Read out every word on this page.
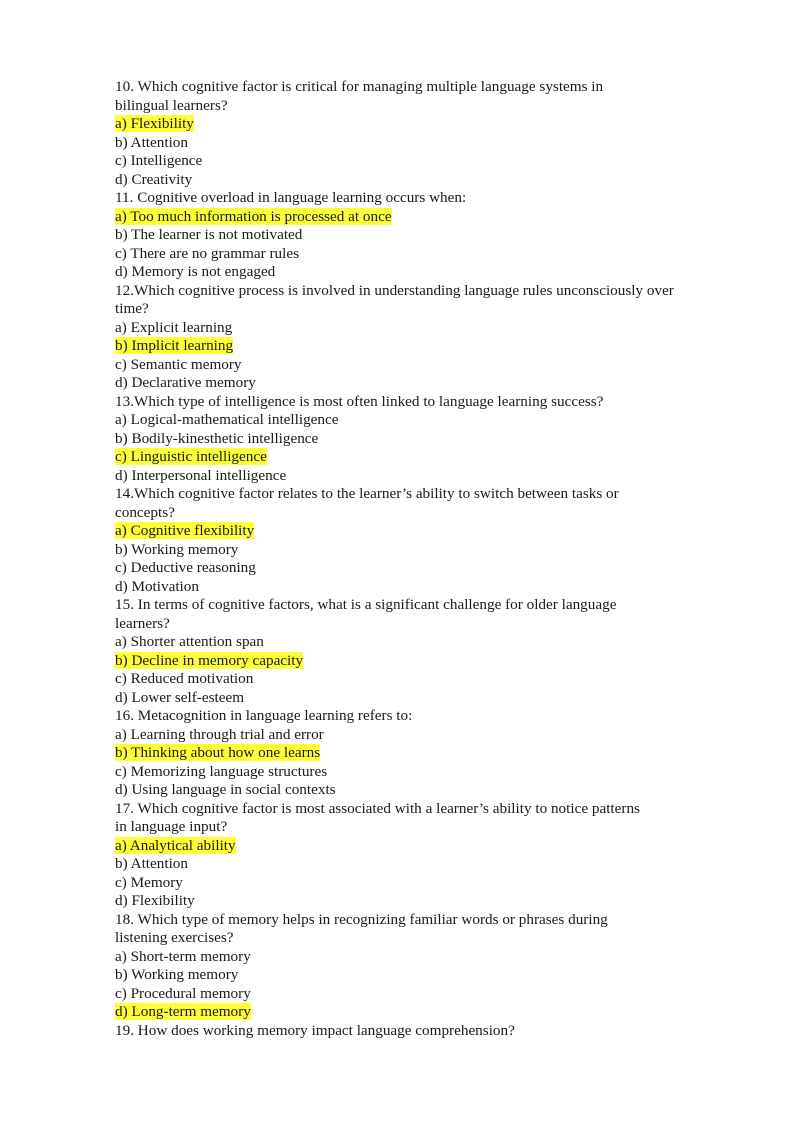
10. Which cognitive factor is critical for managing multiple language systems in
bilingual learners?
a) Flexibility
b) Attention
c) Intelligence
d) Creativity
11. Cognitive overload in language learning occurs when:
a) Too much information is processed at once
b) The learner is not motivated
c) There are no grammar rules
d) Memory is not engaged
12.Which cognitive process is involved in understanding language rules unconsciously over
time?
a) Explicit learning
b) Implicit learning
c) Semantic memory
d) Declarative memory
13.Which type of intelligence is most often linked to language learning success?
a) Logical-mathematical intelligence
b) Bodily-kinesthetic intelligence
c) Linguistic intelligence
d) Interpersonal intelligence
14.Which cognitive factor relates to the learner’s ability to switch between tasks or
concepts?
a) Cognitive flexibility
b) Working memory
c) Deductive reasoning
d) Motivation
15. In terms of cognitive factors, what is a significant challenge for older language
learners?
a) Shorter attention span
b) Decline in memory capacity
c) Reduced motivation
d) Lower self-esteem
16. Metacognition in language learning refers to:
a) Learning through trial and error
b) Thinking about how one learns
c) Memorizing language structures
d) Using language in social contexts
17. Which cognitive factor is most associated with a learner’s ability to notice patterns
in language input?
a) Analytical ability
b) Attention
c) Memory
d) Flexibility
18. Which type of memory helps in recognizing familiar words or phrases during
listening exercises?
a) Short-term memory
b) Working memory
c) Procedural memory
d) Long-term memory
19. How does working memory impact language comprehension?
